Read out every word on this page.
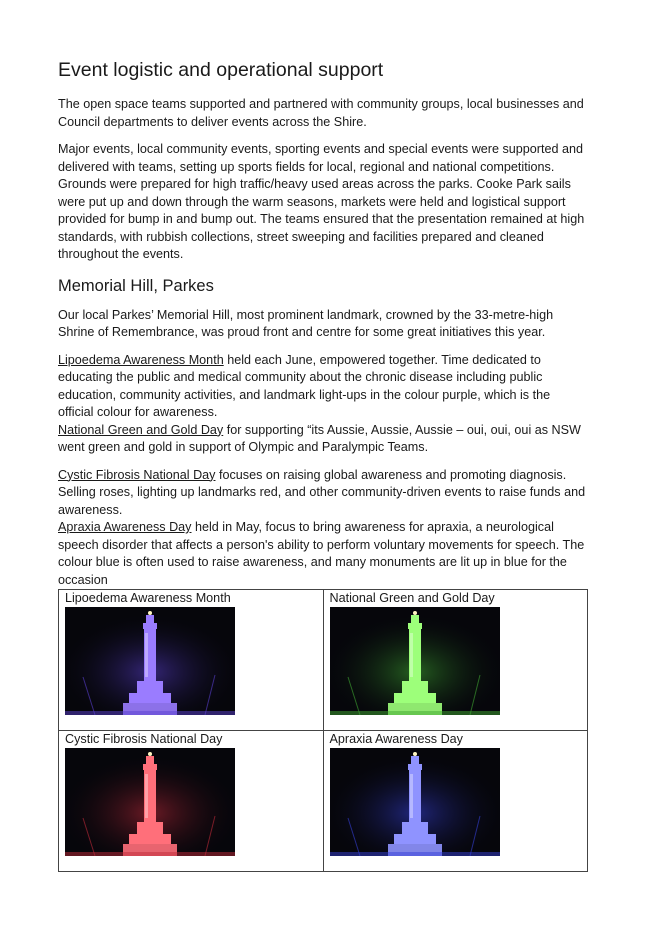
Event logistic and operational support

The open space teams supported and partnered with community groups, local businesses and Council departments to deliver events across the Shire.

Major events, local community events, sporting events and special events were supported and delivered with teams, setting up sports fields for local, regional and national competitions. Grounds were prepared for high traffic/heavy used areas across the parks. Cooke Park sails were put up and down through the warm seasons, markets were held and logistical support provided for bump in and bump out. The teams ensured that the presentation remained at high standards, with rubbish collections, street sweeping and facilities prepared and cleaned throughout the events.

Memorial Hill, Parkes

Our local Parkes’ Memorial Hill, most prominent landmark, crowned by the 33-metre-high Shrine of Remembrance, was proud front and centre for some great initiatives this year.

Lipoedema Awareness Month held each June, empowered together. Time dedicated to educating the public and medical community about the chronic disease including public education, community activities, and landmark light-ups in the colour purple, which is the official colour for awareness.

National Green and Gold Day for supporting “its Aussie, Aussie, Aussie – oui, oui, oui as NSW went green and gold in support of Olympic and Paralympic Teams.

Cystic Fibrosis National Day focuses on raising global awareness and promoting diagnosis. Selling roses, lighting up landmarks red, and other community-driven events to raise funds and awareness.

Apraxia Awareness Day held in May, focus to bring awareness for apraxia, a neurological speech disorder that affects a person's ability to perform voluntary movements for speech. The colour blue is often used to raise awareness, and many monuments are lit up in blue for the occasion

Lipoedema Awareness Month	National Green and Gold Day

Cystic Fibrosis National Day	Apraxia Awareness Day
